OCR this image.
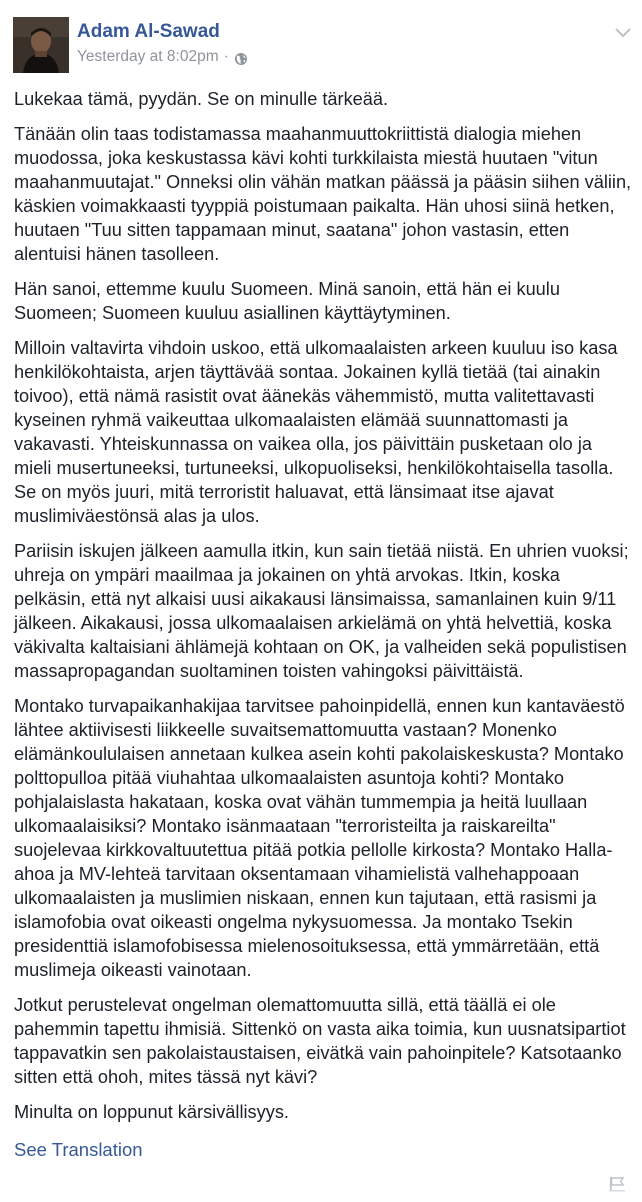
Adam Al-Sawad
Yesterday at 8:02pm ·

Lukekaa tämä, pyydän. Se on minulle tärkeää.

Tänään olin taas todistamassa maahanmuuttokriittistä dialogia miehen muodossa, joka keskustassa kävi kohti turkkilaista miestä huutaen "vitun maahanmuutajat." Onneksi olin vähän matkan päässä ja pääsin siihen väliin, käskien voimakkaasti tyyppiä poistumaan paikalta. Hän uhosi siinä hetken, huutaen "Tuu sitten tappamaan minut, saatana" johon vastasin, etten alentuisi hänen tasolleen.

Hän sanoi, ettemme kuulu Suomeen. Minä sanoin, että hän ei kuulu Suomeen; Suomeen kuuluu asiallinen käyttäytyminen.

Milloin valtavirta vihdoin uskoo, että ulkomaalaisten arkeen kuuluu iso kasa henkilökohtaista, arjen täyttävää sontaa. Jokainen kyllä tietää (tai ainakin toivoo), että nämä rasistit ovat äänekäs vähemmistö, mutta valitettavasti kyseinen ryhmä vaikeuttaa ulkomaalaisten elämää suunnattomasti ja vakavasti. Yhteiskunnassa on vaikea olla, jos päivittäin pusketaan olo ja mieli musertuneeksi, turtuneeksi, ulkopuoliseksi, henkilökohtaisella tasolla. Se on myös juuri, mitä terroristit haluavat, että länsimaat itse ajavat muslimiväestönsä alas ja ulos.

Pariisin iskujen jälkeen aamulla itkin, kun sain tietää niistä. En uhrien vuoksi; uhreja on ympäri maailmaa ja jokainen on yhtä arvokas. Itkin, koska pelkäsin, että nyt alkaisi uusi aikakausi länsimaissa, samanlainen kuin 9/11 jälkeen. Aikakausi, jossa ulkomaalaisen arkielämä on yhtä helvettiä, koska väkivalta kaltaisiani ählämejä kohtaan on OK, ja valheiden sekä populistisen massapropagandan suoltaminen toisten vahingoksi päivittäistä.

Montako turvapaikanhakijaa tarvitsee pahoinpidellä, ennen kun kantaväestö lähtee aktiivisesti liikkeelle suvaitsemattomuutta vastaan? Monenko elämänkoululaisen annetaan kulkea asein kohti pakolaiskeskusta? Montako polttopulloa pitää viuhahtaa ulkomaalaisten asuntoja kohti? Montako pohjalaislasta hakataan, koska ovat vähän tummempia ja heitä luullaan ulkomaalaisiksi? Montako isänmaataan "terroristeilta ja raiskareilta" suojelevaa kirkkovaltuutettua pitää potkia pellolle kirkosta? Montako Halla-ahoa ja MV-lehteä tarvitaan oksentamaan vihamielistä valhehappoaan ulkomaalaisten ja muslimien niskaan, ennen kun tajutaan, että rasismi ja islamofobia ovat oikeasti ongelma nykysuomessa. Ja montako Tsekin presidenttiä islamofobisessa mielenosoituksessa, että ymmärretään, että muslimeja oikeasti vainotaan.

Jotkut perustelevat ongelman olemattomuutta sillä, että täällä ei ole pahemmin tapettu ihmisiä. Sittenkö on vasta aika toimia, kun uusnatsipartiot tappavatkin sen pakolaistaustaisen, eivätkä vain pahoinpitele? Katsotaanko sitten että ohoh, mites tässä nyt kävi?

Minulta on loppunut kärsivällisyys.

See Translation
